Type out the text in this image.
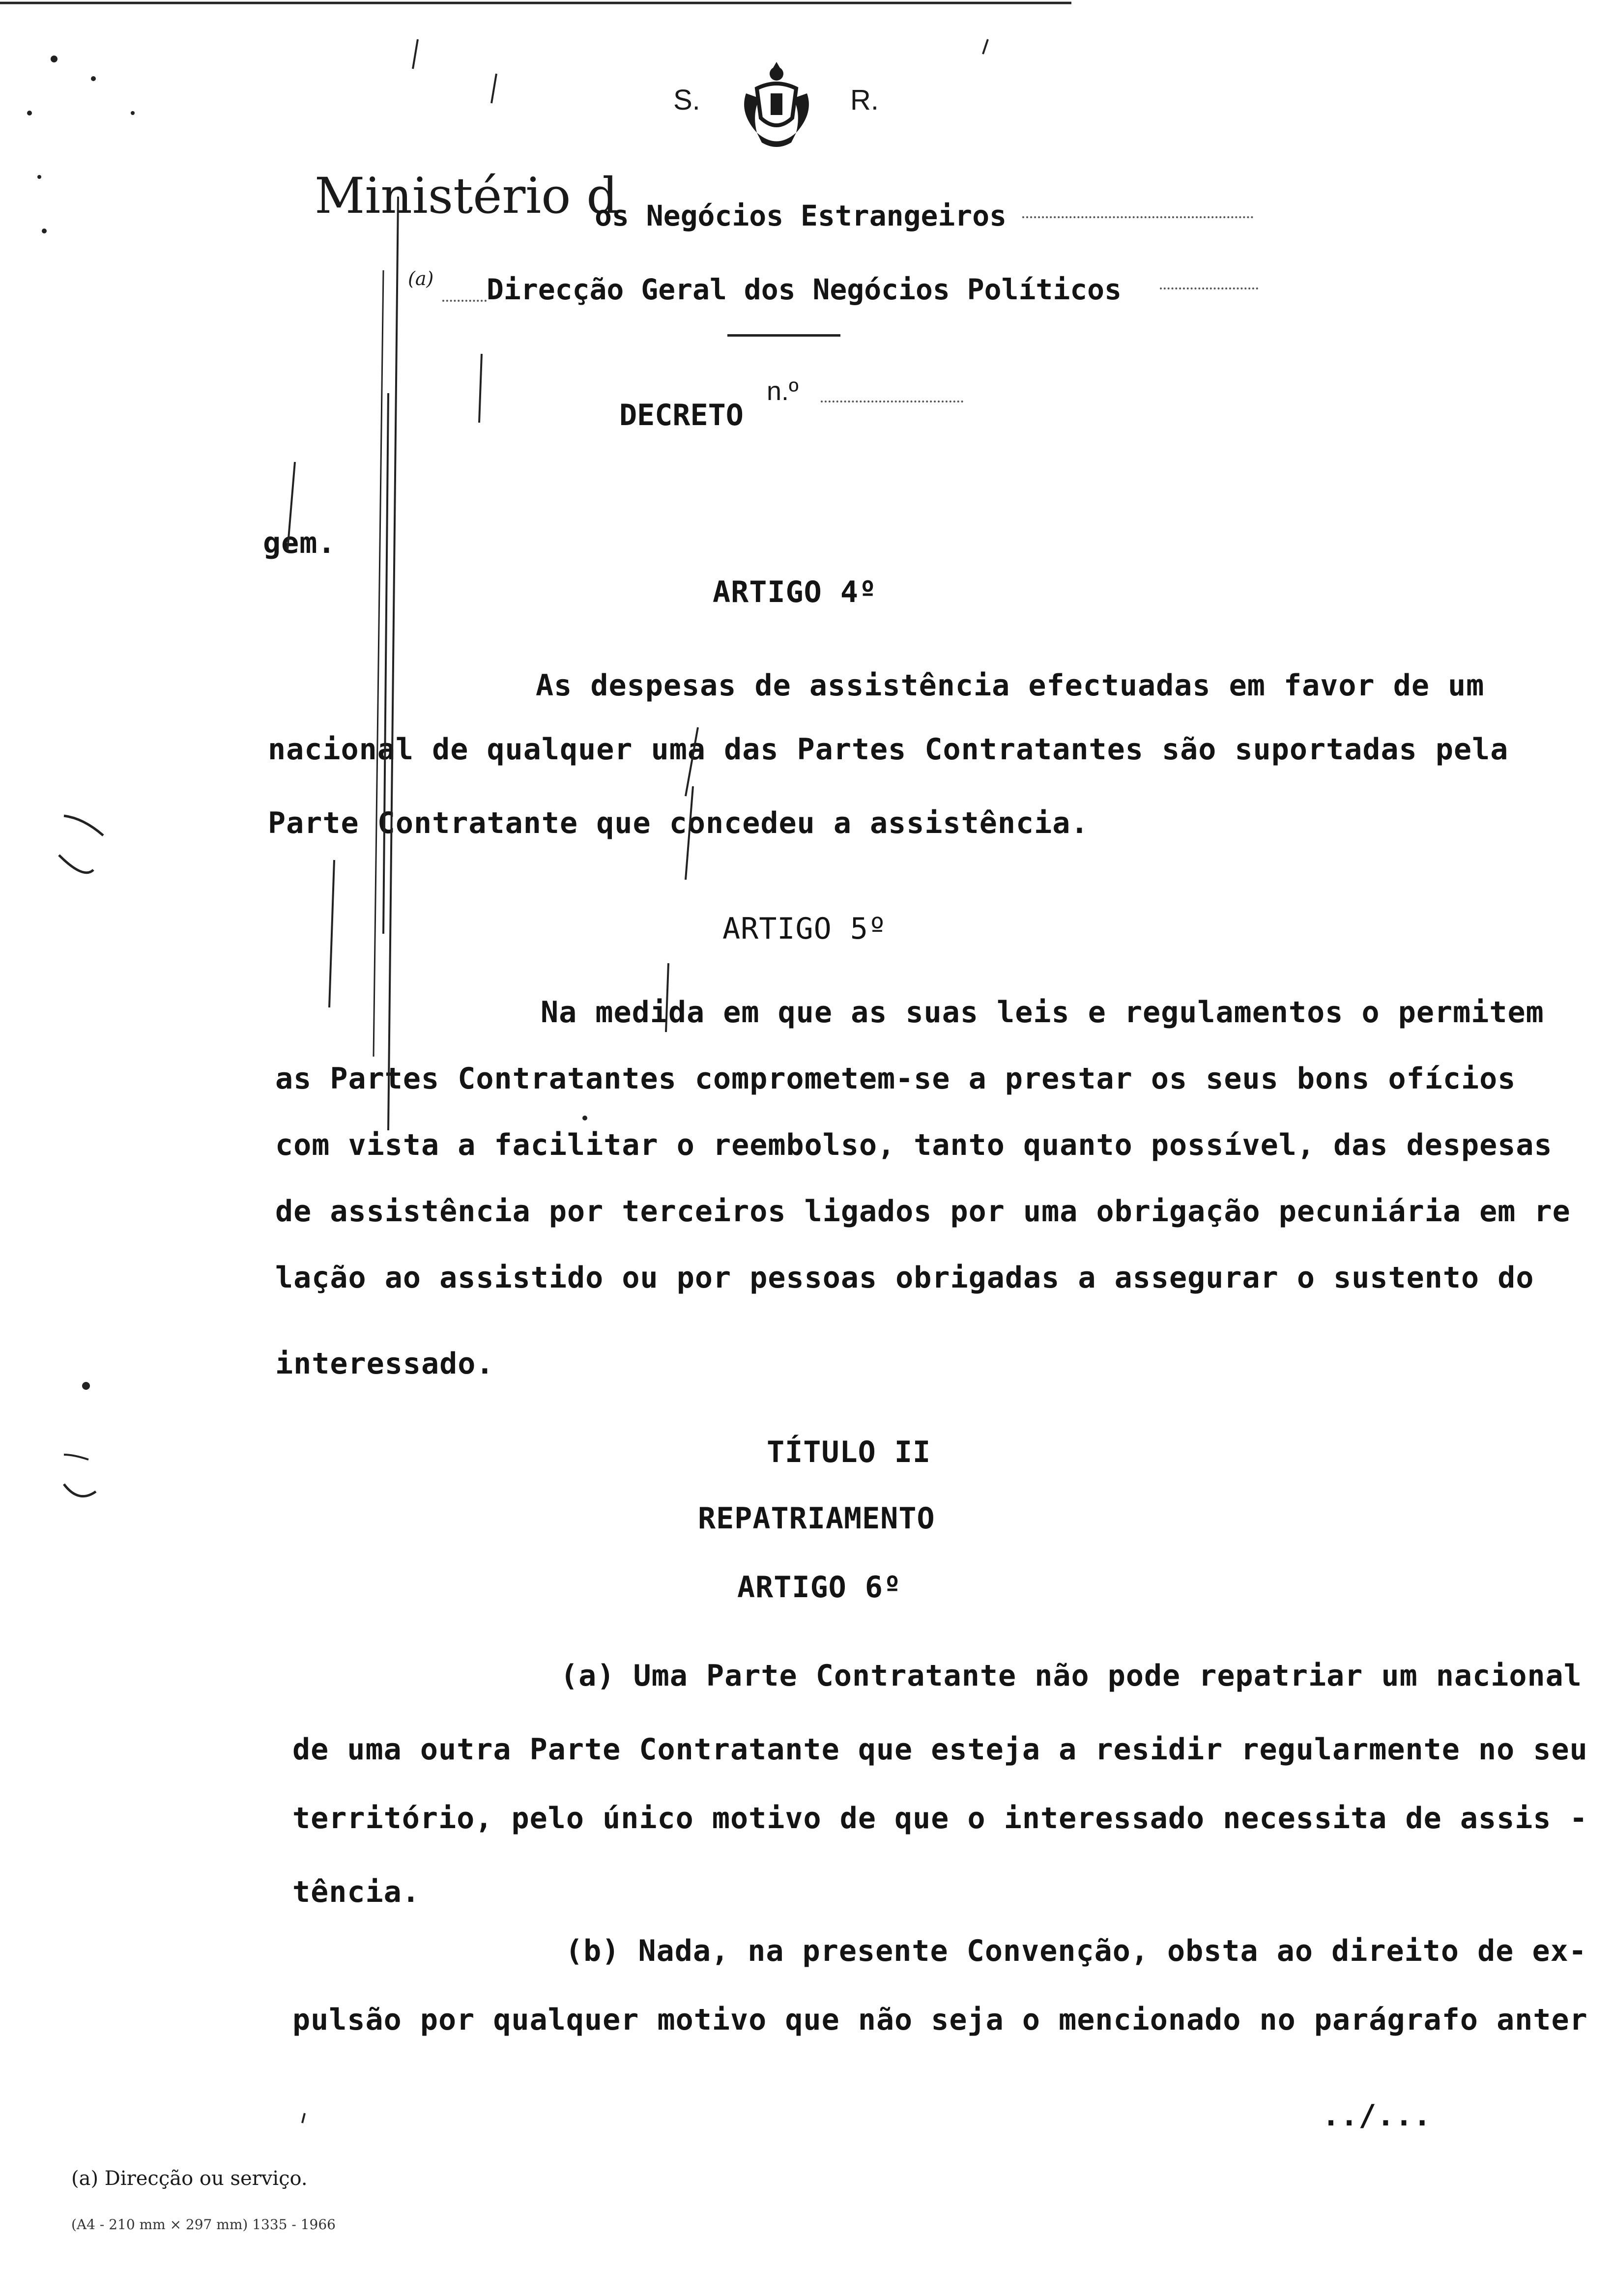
S.	R.
Ministério d
os Negócios Estrangeiros
(a) Direcção Geral dos Negócios Políticos
n.º
DECRETO
gem.
ARTIGO 4º
As despesas de assistência efectuadas em favor de um
nacional de qualquer uma das Partes Contratantes são suportadas pela
Parte Contratante que concedeu a assistência.
ARTIGO 5º
Na medida em que as suas leis e regulamentos o permitem
as Partes Contratantes comprometem-se a prestar os seus bons ofícios
com vista a facilitar o reembolso, tanto quanto possível, das despesas
de assistência por terceiros ligados por uma obrigação pecuniária em re
lação ao assistido ou por pessoas obrigadas a assegurar o sustento do
interessado.
TÍTULO II
REPATRIAMENTO
ARTIGO 6º
(a) Uma Parte Contratante não pode repatriar um nacional
de uma outra Parte Contratante que esteja a residir regularmente no seu
território, pelo único motivo de que o interessado necessita de assis -
tência.
(b) Nada, na presente Convenção, obsta ao direito de ex-
pulsão por qualquer motivo que não seja o mencionado no parágrafo anter
../...
(a) Direcção ou serviço.
(A4 - 210 mm × 297 mm) 1335 - 1966
